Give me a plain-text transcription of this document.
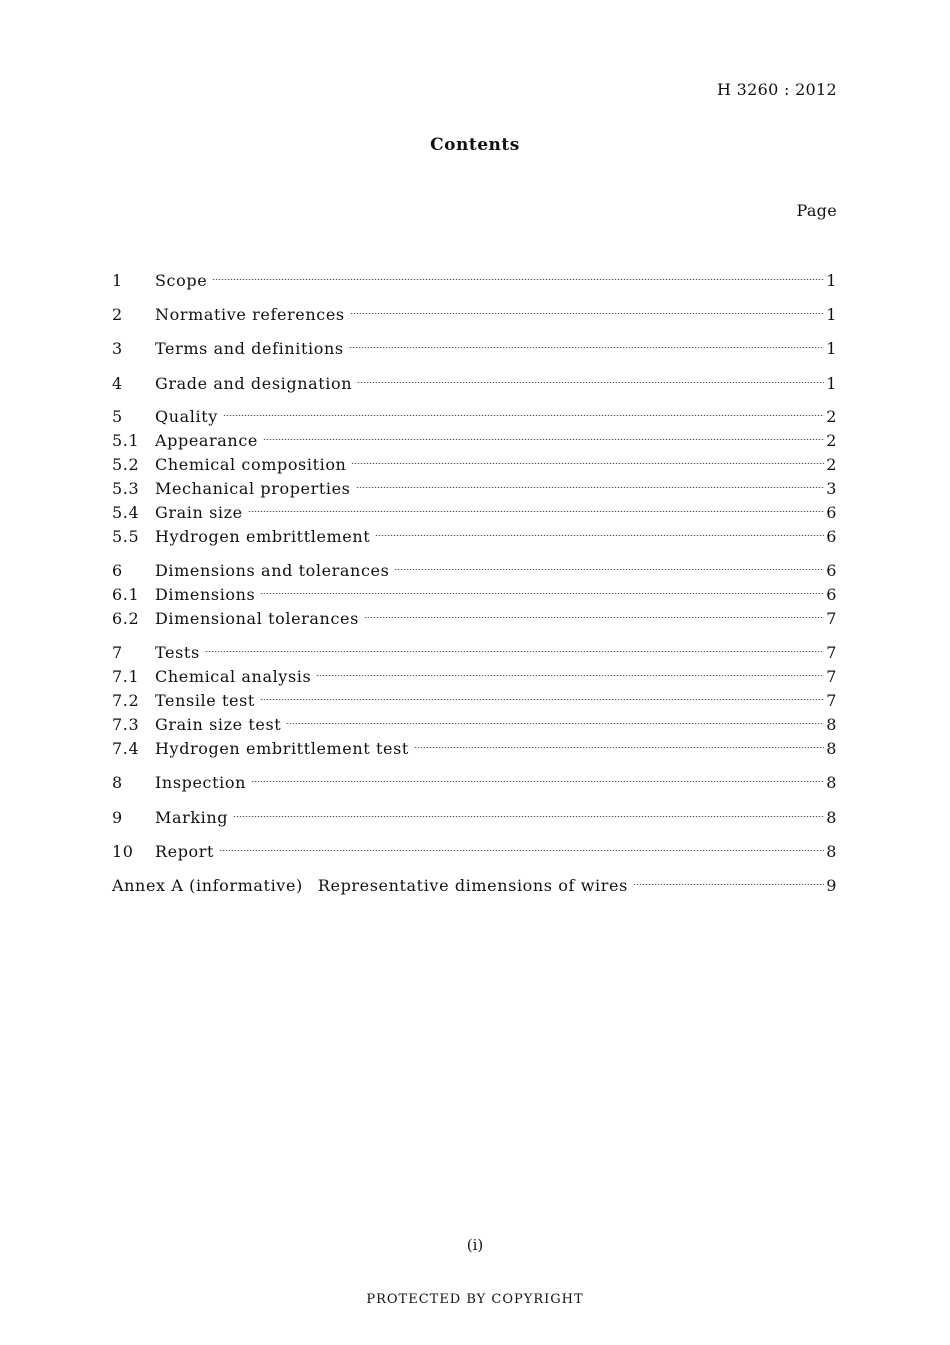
H 3260 : 2012
Contents
Page
1	Scope	1
2	Normative references	1
3	Terms and definitions	1
4	Grade and designation	1
5	Quality	2
5.1 Appearance	2
5.2 Chemical composition	2
5.3 Mechanical properties	3
5.4 Grain size	6
5.5 Hydrogen embrittlement	6
6	Dimensions and tolerances	6
6.1 Dimensions	6
6.2 Dimensional tolerances	7
7	Tests	7
7.1 Chemical analysis	7
7.2 Tensile test	7
7.3 Grain size test	8
7.4 Hydrogen embrittlement test	8
8	Inspection	8
9	Marking	8
10	Report	8
Annex A (informative) Representative dimensions of wires	9
(i)
PROTECTED BY COPYRIGHT
